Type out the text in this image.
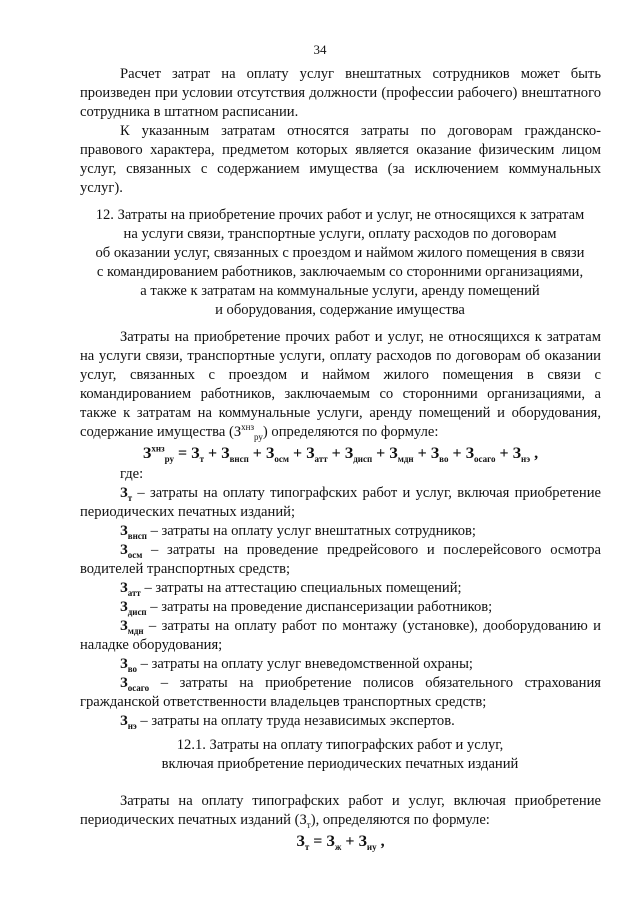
34

Расчет затрат на оплату услуг внештатных сотрудников может быть произведен при условии отсутствия должности (профессии рабочего) внештатного сотрудника в штатном расписании.

К указанным затратам относятся затраты по договорам гражданско-правового характера, предметом которых является оказание физическим лицом услуг, связанных с содержанием имущества (за исключением коммунальных услуг).

12. Затраты на приобретение прочих работ и услуг, не относящихся к затратам

на услуги связи, транспортные услуги, оплату расходов по договорам

об оказании услуг, связанных с проездом и наймом жилого помещения в связи

с командированием работников, заключаемым со сторонними организациями,

а также к затратам на коммунальные услуги, аренду помещений

и оборудования, содержание имущества

Затраты на приобретение прочих работ и услуг, не относящихся к затратам на услуги связи, транспортные услуги, оплату расходов по договорам об оказании услуг, связанных с проездом и наймом жилого помещения в связи с командированием работников, заключаемым со сторонними организациями, а также к затратам на коммунальные услуги, аренду помещений и оборудования, содержание имущества $(З^{хнз}_{ру})$ определяются по формуле:

$З^{хнз}_{ру} = З_т + З_{внсп} + З_{осм} + З_{атт} + З_{дисп} + З_{мдн} + З_{во} + З_{осаго} + З_{нэ}$ ,

где:

$З_т$ – затраты на оплату типографских работ и услуг, включая приобретение периодических печатных изданий;

$З_{внсп}$ – затраты на оплату услуг внештатных сотрудников;

$З_{осм}$ – затраты на проведение предрейсового и послерейсового осмотра водителей транспортных средств;

$З_{атт}$ – затраты на аттестацию специальных помещений;

$З_{дисп}$ – затраты на проведение диспансеризации работников;

$З_{мдн}$ – затраты на оплату работ по монтажу (установке), дооборудованию и наладке оборудования;

$З_{во}$ – затраты на оплату услуг вневедомственной охраны;

$З_{осаго}$ – затраты на приобретение полисов обязательного страхования гражданской ответственности владельцев транспортных средств;

$З_{нэ}$ – затраты на оплату труда независимых экспертов.

12.1. Затраты на оплату типографских работ и услуг,

включая приобретение периодических печатных изданий

Затраты на оплату типографских работ и услуг, включая приобретение периодических печатных изданий $(З_т)$, определяются по формуле:

$З_т = З_ж + З_{иу}$ ,
